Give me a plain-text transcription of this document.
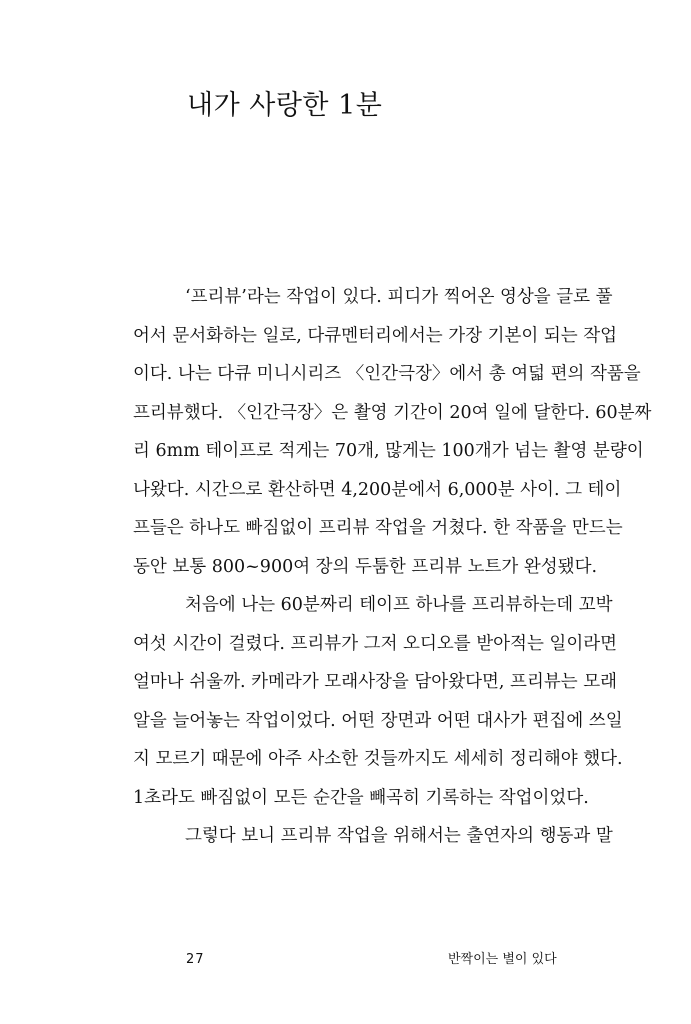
내가 사랑한 1분
‘프리뷰’라는 작업이 있다. 피디가 찍어온 영상을 글로 풀
어서 문서화하는 일로, 다큐멘터리에서는 가장 기본이 되는 작업
이다. 나는 다큐 미니시리즈 〈인간극장〉에서 총 여덟 편의 작품을
프리뷰했다. 〈인간극장〉은 촬영 기간이 20여 일에 달한다. 60분짜
리 6mm 테이프로 적게는 70개, 많게는 100개가 넘는 촬영 분량이
나왔다. 시간으로 환산하면 4,200분에서 6,000분 사이. 그 테이
프들은 하나도 빠짐없이 프리뷰 작업을 거쳤다. 한 작품을 만드는
동안 보통 800~900여 장의 두툼한 프리뷰 노트가 완성됐다.
처음에 나는 60분짜리 테이프 하나를 프리뷰하는데 꼬박
여섯 시간이 걸렸다. 프리뷰가 그저 오디오를 받아적는 일이라면
얼마나 쉬울까. 카메라가 모래사장을 담아왔다면, 프리뷰는 모래
알을 늘어놓는 작업이었다. 어떤 장면과 어떤 대사가 편집에 쓰일
지 모르기 때문에 아주 사소한 것들까지도 세세히 정리해야 했다.
1초라도 빠짐없이 모든 순간을 빼곡히 기록하는 작업이었다.
그렇다 보니 프리뷰 작업을 위해서는 출연자의 행동과 말
27	반짝이는 별이 있다
